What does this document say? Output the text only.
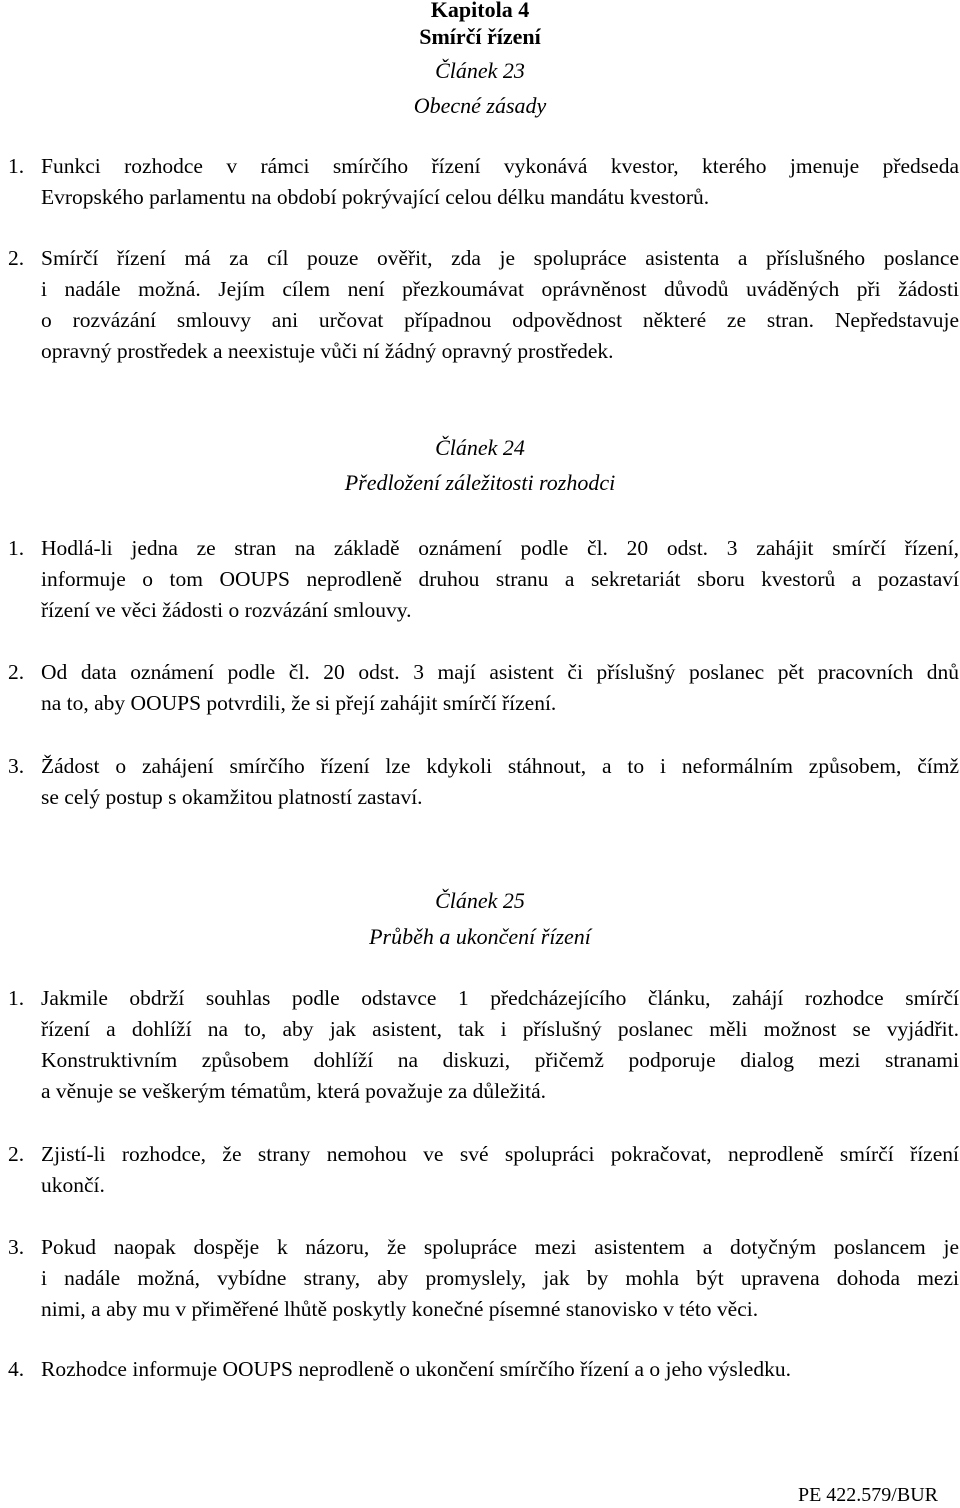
Kapitola 4
Smírčí řízení
Článek 23
Obecné zásady
1. Funkci rozhodce v rámci smírčího řízení vykonává kvestor, kterého jmenuje předseda
Evropského parlamentu na období pokrývající celou délku mandátu kvestorů.
2. Smírčí řízení má za cíl pouze ověřit, zda je spolupráce asistenta a příslušného poslance
i nadále možná. Jejím cílem není přezkoumávat oprávněnost důvodů uváděných při žádosti
o rozvázání smlouvy ani určovat případnou odpovědnost některé ze stran. Nepředstavuje
opravný prostředek a neexistuje vůči ní žádný opravný prostředek.
Článek 24
Předložení záležitosti rozhodci
1. Hodlá-li jedna ze stran na základě oznámení podle čl. 20 odst. 3 zahájit smírčí řízení,
informuje o tom OOUPS neprodleně druhou stranu a sekretariát sboru kvestorů a pozastaví
řízení ve věci žádosti o rozvázání smlouvy.
2. Od data oznámení podle čl. 20 odst. 3 mají asistent či příslušný poslanec pět pracovních dnů
na to, aby OOUPS potvrdili, že si přejí zahájit smírčí řízení.
3. Žádost o zahájení smírčího řízení lze kdykoli stáhnout, a to i neformálním způsobem, čímž
se celý postup s okamžitou platností zastaví.
Článek 25
Průběh a ukončení řízení
1. Jakmile obdrží souhlas podle odstavce 1 předcházejícího článku, zahájí rozhodce smírčí
řízení a dohlíží na to, aby jak asistent, tak i příslušný poslanec měli možnost se vyjádřit.
Konstruktivním způsobem dohlíží na diskuzi, přičemž podporuje dialog mezi stranami
a věnuje se veškerým tématům, která považuje za důležitá.
2. Zjistí-li rozhodce, že strany nemohou ve své spolupráci pokračovat, neprodleně smírčí řízení
ukončí.
3. Pokud naopak dospěje k názoru, že spolupráce mezi asistentem a dotyčným poslancem je
i nadále možná, vybídne strany, aby promyslely, jak by mohla být upravena dohoda mezi
nimi, a aby mu v přiměřené lhůtě poskytly konečné písemné stanovisko v této věci.
4. Rozhodce informuje OOUPS neprodleně o ukončení smírčího řízení a o jeho výsledku.
PE 422.579/BUR
